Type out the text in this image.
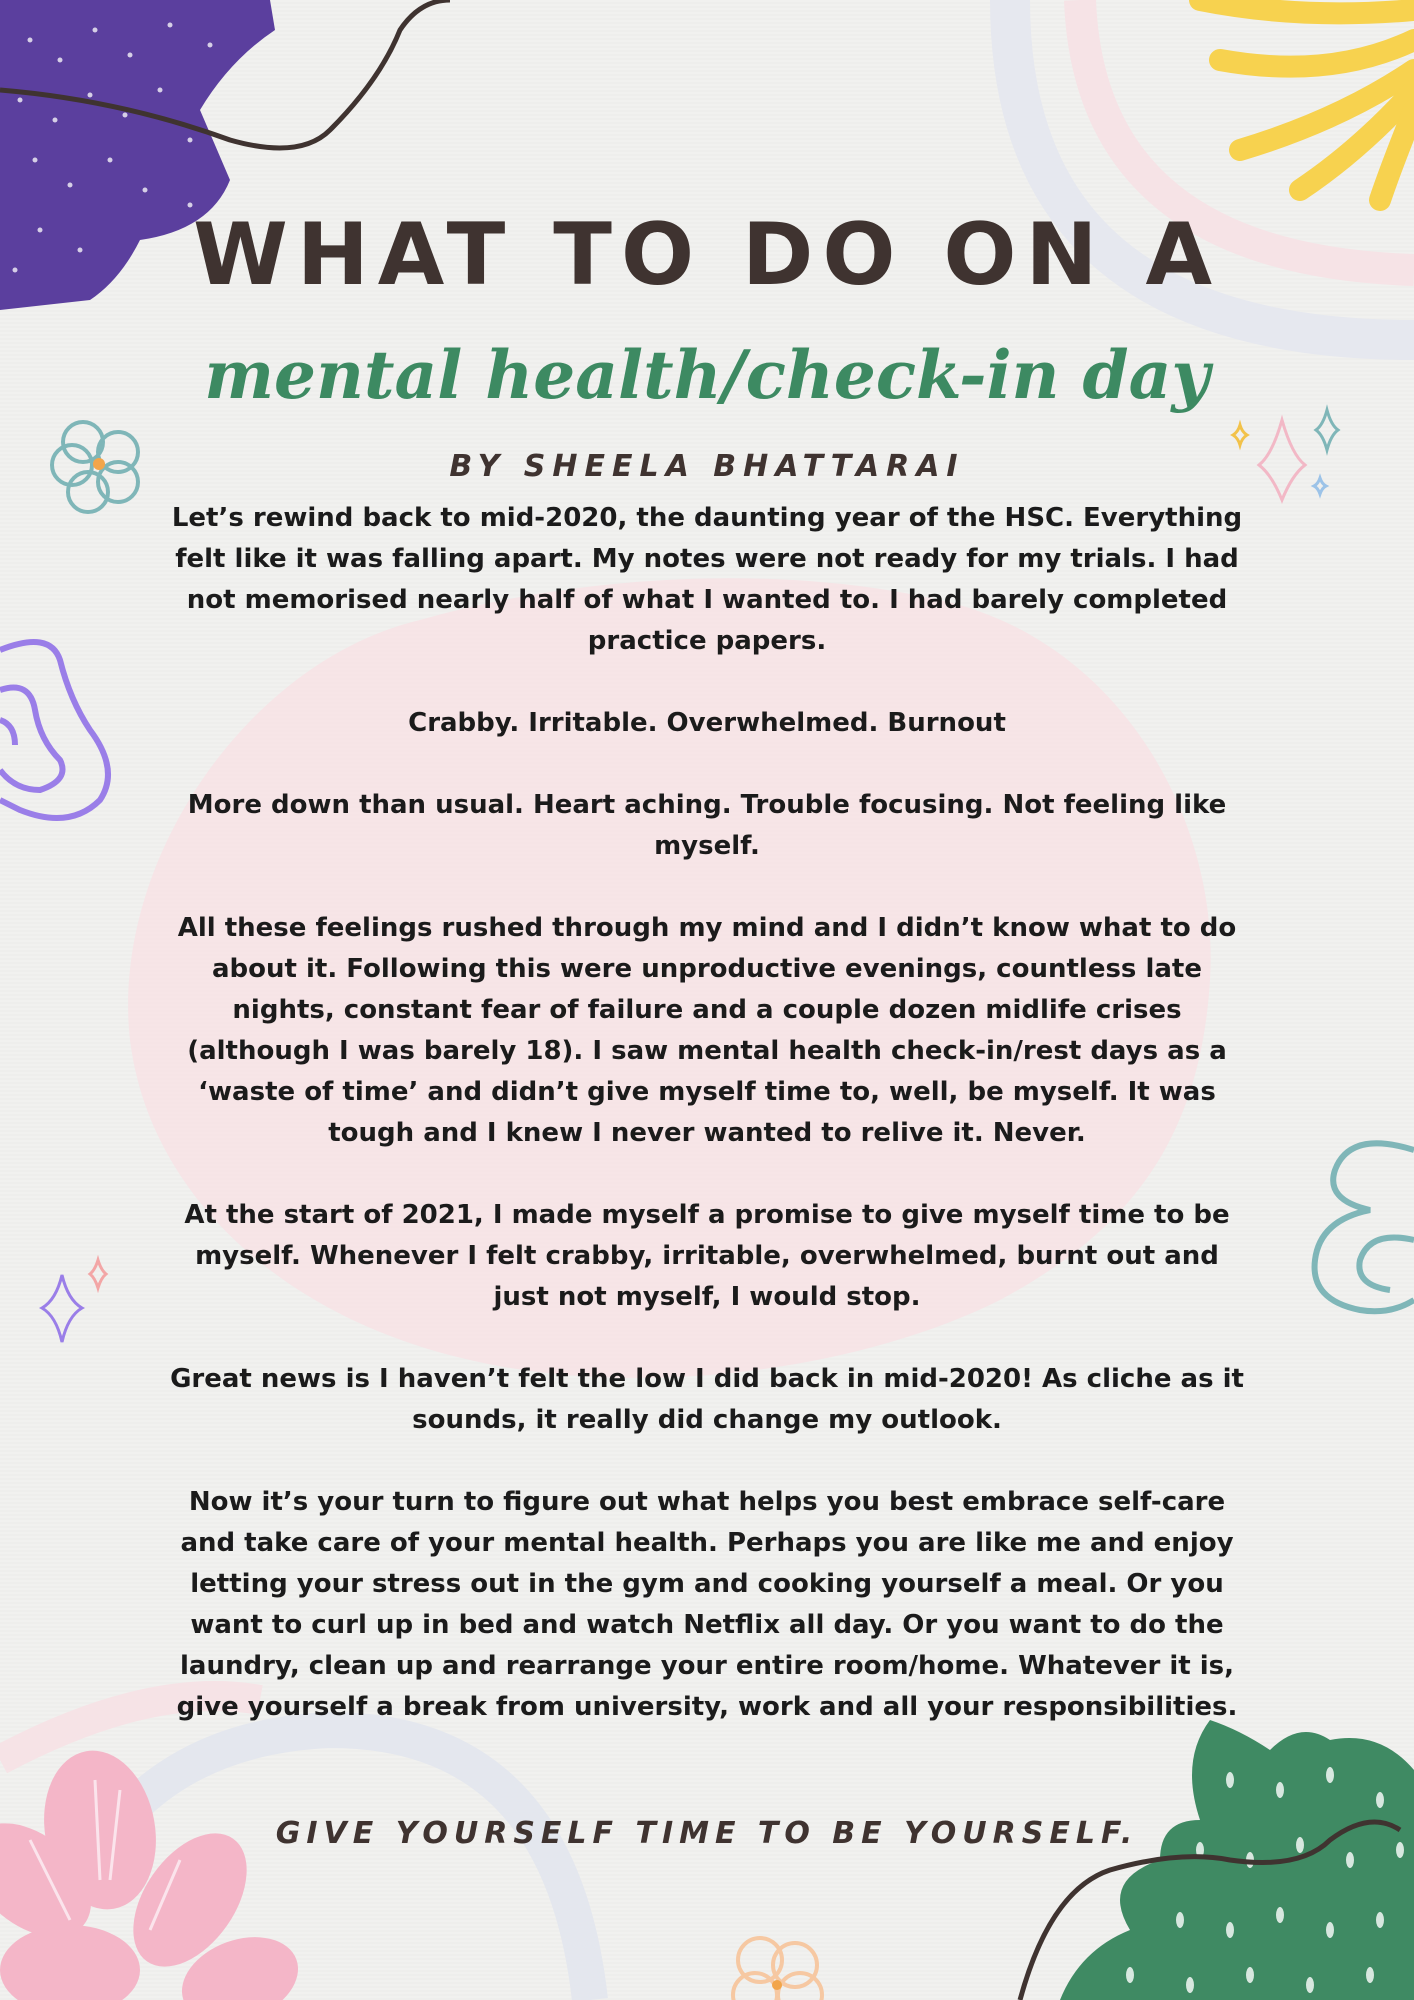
WHAT TO DO ON A
mental health/check-in day
BY SHEELA BHATTARAI

Let’s rewind back to mid-2020, the daunting year of the HSC. Everything felt like it was falling apart. My notes were not ready for my trials. I had not memorised nearly half of what I wanted to. I had barely completed practice papers.

Crabby. Irritable. Overwhelmed. Burnout

More down than usual. Heart aching. Trouble focusing. Not feeling like myself.

All these feelings rushed through my mind and I didn’t know what to do about it. Following this were unproductive evenings, countless late nights, constant fear of failure and a couple dozen midlife crises (although I was barely 18). I saw mental health check-in/rest days as a ‘waste of time’ and didn’t give myself time to, well, be myself. It was tough and I knew I never wanted to relive it. Never.

At the start of 2021, I made myself a promise to give myself time to be myself. Whenever I felt crabby, irritable, overwhelmed, burnt out and just not myself, I would stop.

Great news is I haven’t felt the low I did back in mid-2020! As cliche as it sounds, it really did change my outlook.

Now it’s your turn to figure out what helps you best embrace self-care and take care of your mental health. Perhaps you are like me and enjoy letting your stress out in the gym and cooking yourself a meal. Or you want to curl up in bed and watch Netflix all day. Or you want to do the laundry, clean up and rearrange your entire room/home. Whatever it is, give yourself a break from university, work and all your responsibilities.

GIVE YOURSELF TIME TO BE YOURSELF.
